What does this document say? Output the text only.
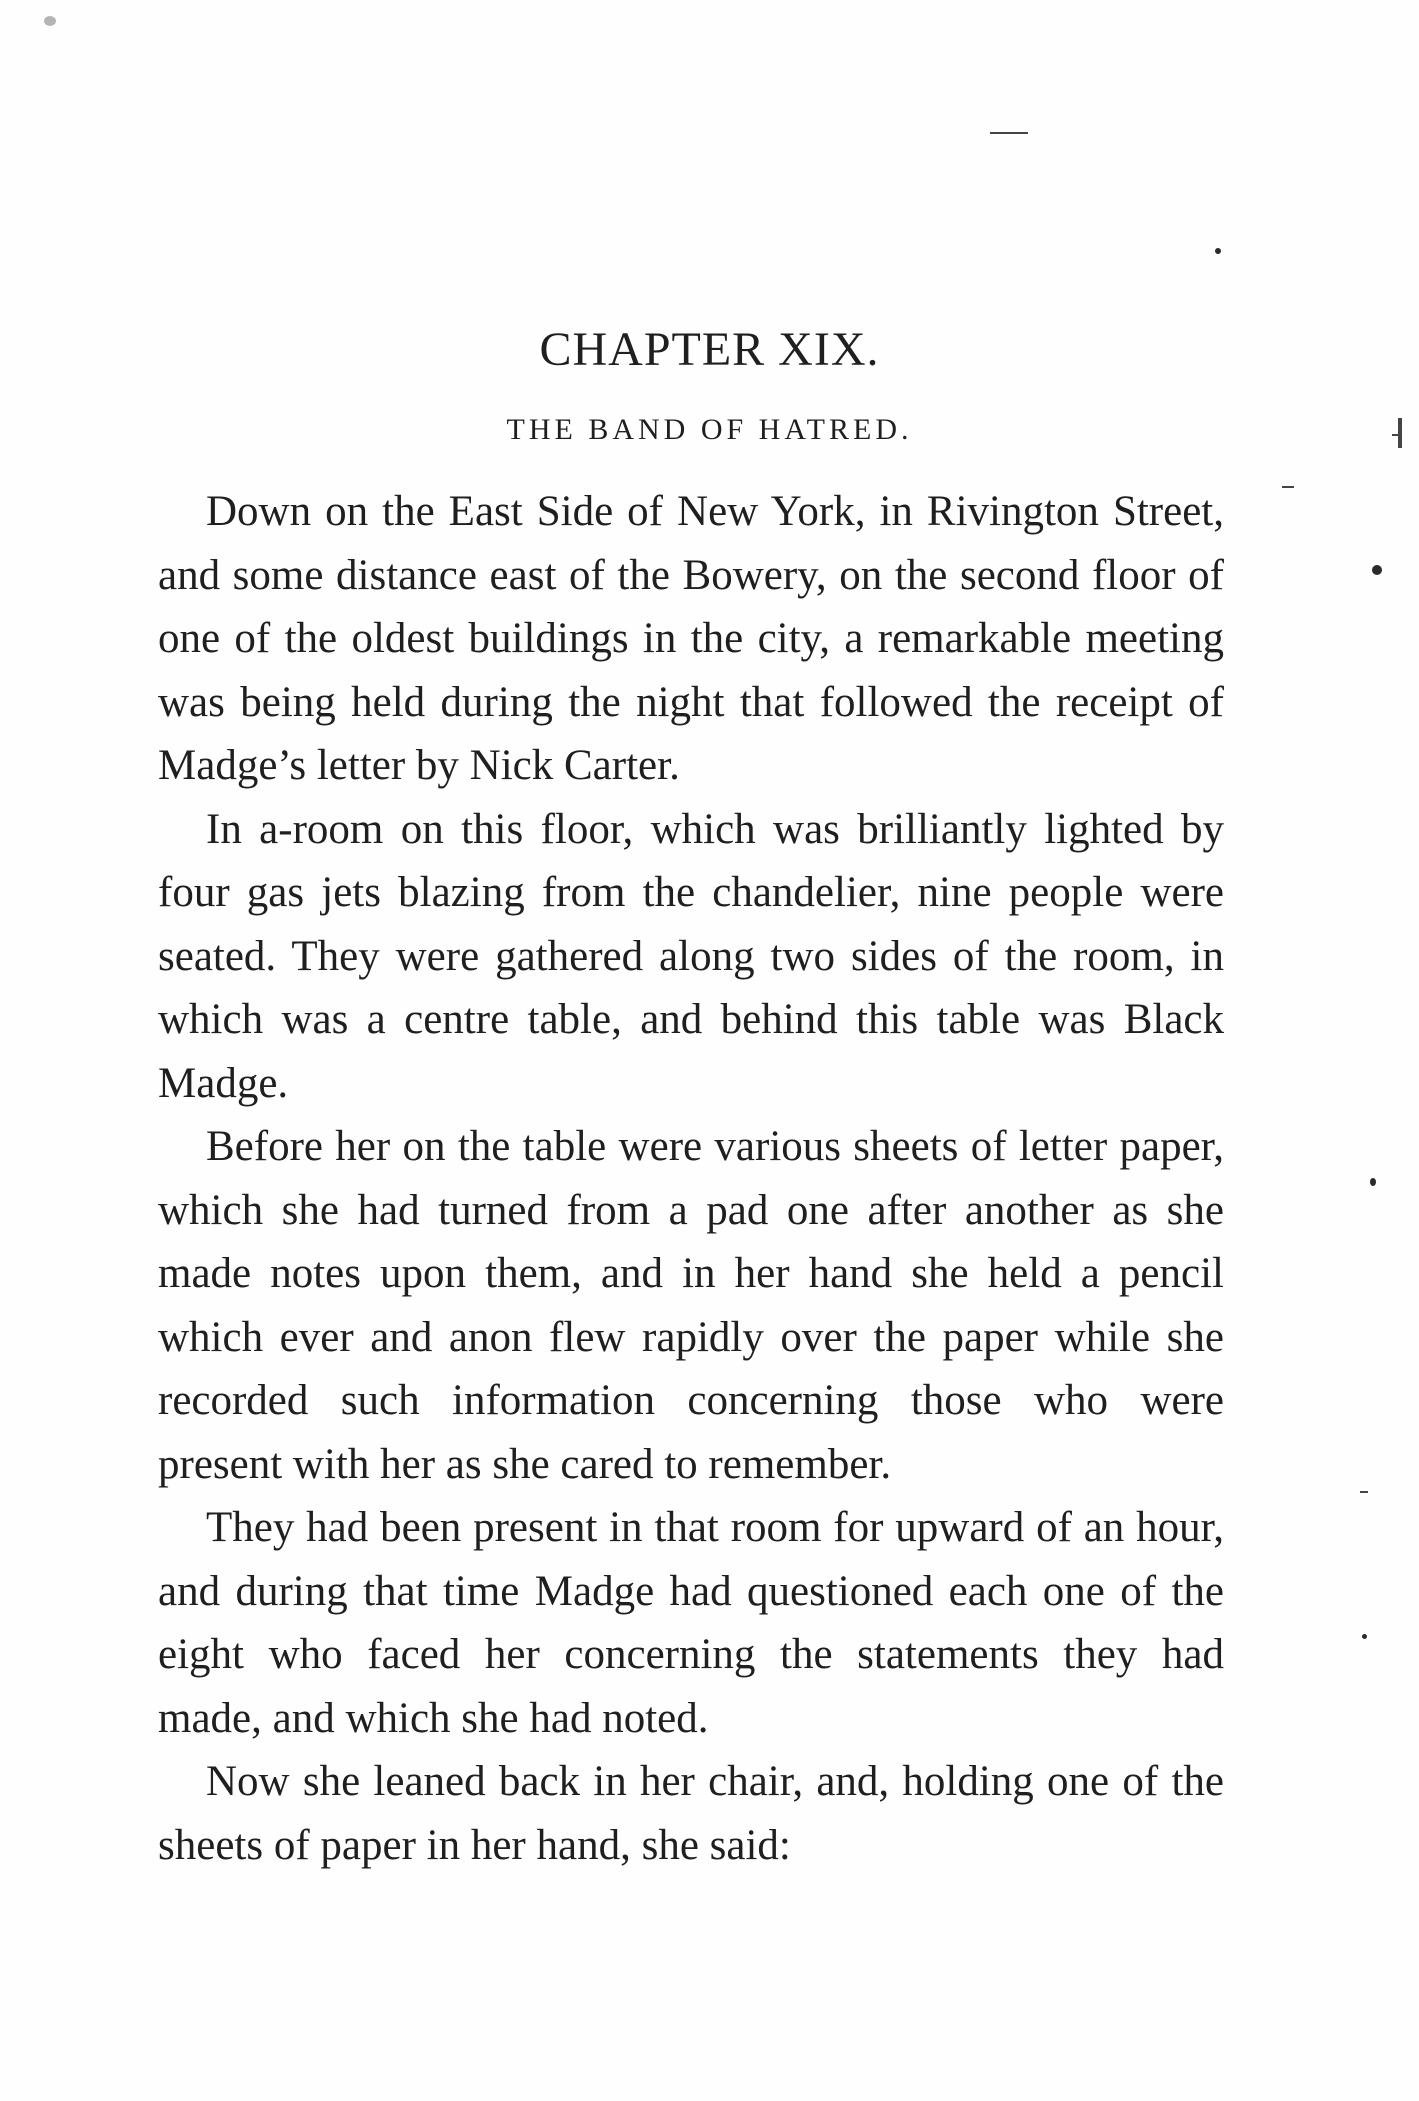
CHAPTER XIX.
THE BAND OF HATRED.

Down on the East Side of New York, in Rivington Street, and some distance east of the Bowery, on the second floor of one of the oldest buildings in the city, a remarkable meeting was being held during the night that followed the receipt of Madge’s letter by Nick Carter.

In a-room on this floor, which was brilliantly lighted by four gas jets blazing from the chandelier, nine people were seated. They were gathered along two sides of the room, in which was a centre table, and behind this table was Black Madge.

Before her on the table were various sheets of letter paper, which she had turned from a pad one after another as she made notes upon them, and in her hand she held a pencil which ever and anon flew rapidly over the paper while she recorded such information concerning those who were present with her as she cared to remember.

They had been present in that room for upward of an hour, and during that time Madge had questioned each one of the eight who faced her concerning the statements they had made, and which she had noted.

Now she leaned back in her chair, and, holding one of the sheets of paper in her hand, she said:
